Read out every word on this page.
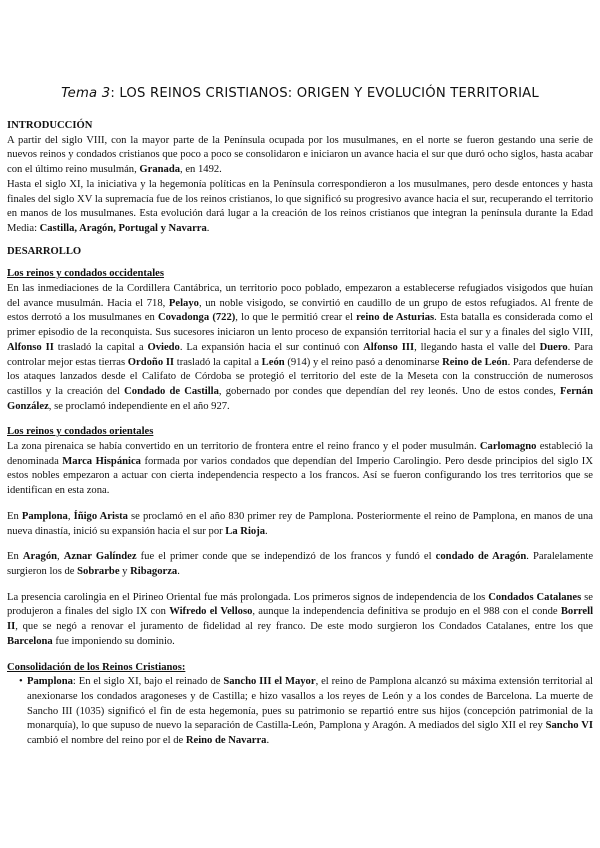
Tema 3: LOS REINOS CRISTIANOS: ORIGEN Y EVOLUCIÓN TERRITORIAL

INTRODUCCIÓN

A partir del siglo VIII, con la mayor parte de la Península ocupada por los musulmanes, en el norte se fueron gestando una serie de nuevos reinos y condados cristianos que poco a poco se consolidaron e iniciaron un avance hacia el sur que duró ocho siglos, hasta acabar con el último reino musulmán, Granada, en 1492.

Hasta el siglo XI, la iniciativa y la hegemonía políticas en la Península correspondieron a los musulmanes, pero desde entonces y hasta finales del siglo XV la supremacía fue de los reinos cristianos, lo que significó su progresivo avance hacia el sur, recuperando el territorio en manos de los musulmanes. Esta evolución dará lugar a la creación de los reinos cristianos que integran la península durante la Edad Media: Castilla, Aragón, Portugal y Navarra.

DESARROLLO

Los reinos y condados occidentales

En las inmediaciones de la Cordillera Cantábrica, un territorio poco poblado, empezaron a establecerse refugiados visigodos que huían del avance musulmán. Hacia el 718, Pelayo, un noble visigodo, se convirtió en caudillo de un grupo de estos refugiados. Al frente de estos derrotó a los musulmanes en Covadonga (722), lo que le permitió crear el reino de Asturias. Esta batalla es considerada como el primer episodio de la reconquista. Sus sucesores iniciaron un lento proceso de expansión territorial hacia el sur y a finales del siglo VIII, Alfonso II trasladó la capital a Oviedo. La expansión hacia el sur continuó con Alfonso III, llegando hasta el valle del Duero. Para controlar mejor estas tierras Ordoño II trasladó la capital a León (914) y el reino pasó a denominarse Reino de León. Para defenderse de los ataques lanzados desde el Califato de Córdoba se protegió el territorio del este de la Meseta con la construcción de numerosos castillos y la creación del Condado de Castilla, gobernado por condes que dependían del rey leonés. Uno de estos condes, Fernán González, se proclamó independiente en el año 927.

Los reinos y condados orientales

La zona pirenaica se había convertido en un territorio de frontera entre el reino franco y el poder musulmán. Carlomagno estableció la denominada Marca Hispánica formada por varios condados que dependían del Imperio Carolingio. Pero desde principios del siglo IX estos nobles empezaron a actuar con cierta independencia respecto a los francos. Así se fueron configurando los tres territorios que se identifican en esta zona.

En Pamplona, Íñigo Arista se proclamó en el año 830 primer rey de Pamplona. Posteriormente el reino de Pamplona, en manos de una nueva dinastía, inició su expansión hacia el sur por La Rioja.

En Aragón, Aznar Galíndez fue el primer conde que se independizó de los francos y fundó el condado de Aragón. Paralelamente surgieron los de Sobrarbe y Ribagorza.

La presencia carolingia en el Pirineo Oriental fue más prolongada. Los primeros signos de independencia de los Condados Catalanes se produjeron a finales del siglo IX con Wifredo el Velloso, aunque la independencia definitiva se produjo en el 988 con el conde Borrell II, que se negó a renovar el juramento de fidelidad al rey franco. De este modo surgieron los Condados Catalanes, entre los que Barcelona fue imponiendo su dominio.

Consolidación de los Reinos Cristianos:

• Pamplona: En el siglo XI, bajo el reinado de Sancho III el Mayor, el reino de Pamplona alcanzó su máxima extensión territorial al anexionarse los condados aragoneses y de Castilla; e hizo vasallos a los reyes de León y a los condes de Barcelona. La muerte de Sancho III (1035) significó el fin de esta hegemonía, pues su patrimonio se repartió entre sus hijos (concepción patrimonial de la monarquía), lo que supuso de nuevo la separación de Castilla-León, Pamplona y Aragón. A mediados del siglo XII el rey Sancho VI cambió el nombre del reino por el de Reino de Navarra.
